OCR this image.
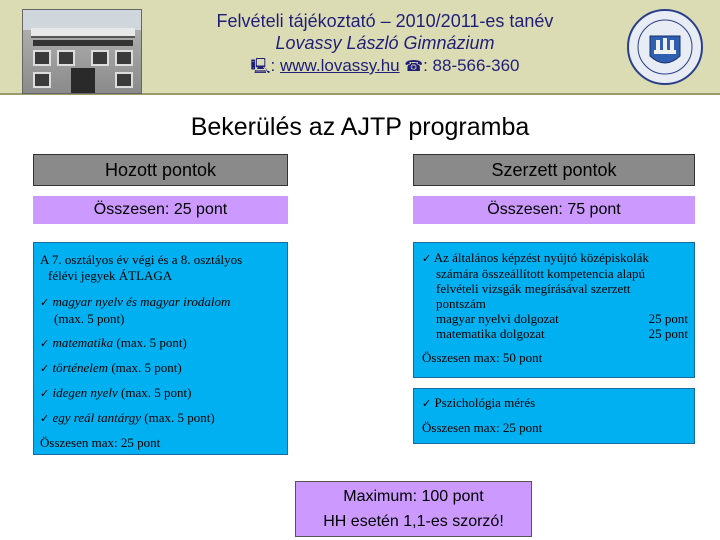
Felvételi tájékoztató – 2010/2011-es tanév
Lovassy László Gimnázium
🖳: www.lovassy.hu ☎: 88-566-360
Bekerülés az AJTP programba
Hozott pontok	Szerzett pontok
Összesen: 25 pont	Összesen: 75 pont
A 7. osztályos év végi és a 8. osztályos
félévi jegyek ÁTLAGA
✓ magyar nyelv és magyar irodalom
(max. 5 pont)
✓ matematika (max. 5 pont)
✓ történelem (max. 5 pont)
✓ idegen nyelv (max. 5 pont)
✓ egy reál tantárgy (max. 5 pont)
Összesen max: 25 pont
✓ Az általános képzést nyújtó középiskolák
számára összeállított kompetencia alapú
felvételi vizsgák megírásával szerzett
pontszám
magyar nyelvi dolgozat	25 pont
matematika dolgozat	25 pont
Összesen max: 50 pont
✓ Pszichológia mérés
Összesen max: 25 pont
Maximum: 100 pont
HH esetén 1,1-es szorzó!
